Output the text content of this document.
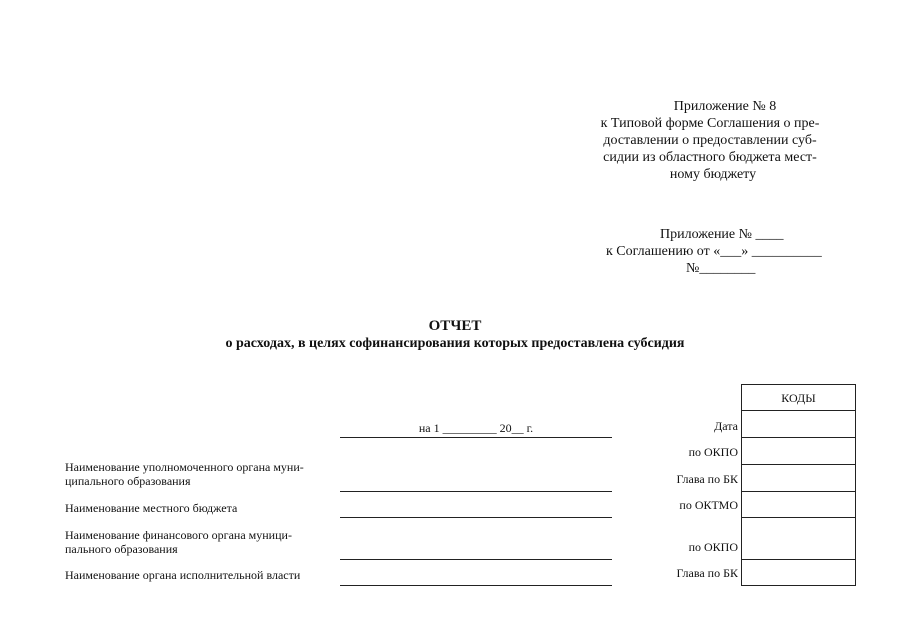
Приложение № 8
к Типовой форме Соглашения о пре-
доставлении о предоставлении суб-
сидии из областного бюджета мест-
ному бюджету
Приложение № ____
к Соглашению от «___» __________
№________
ОТЧЕТ
о расходах, в целях софинансирования которых предоставлена субсидия
на 1 _________ 20__ г.
Наименование уполномоченного органа муни-
ципального образования
Наименование местного бюджета
Наименование финансового органа муници-
пального образования
Наименование органа исполнительной власти
Дата
по ОКПО
Глава по БК
по ОКТМО
по ОКПО
Глава по БК
КОДЫ
